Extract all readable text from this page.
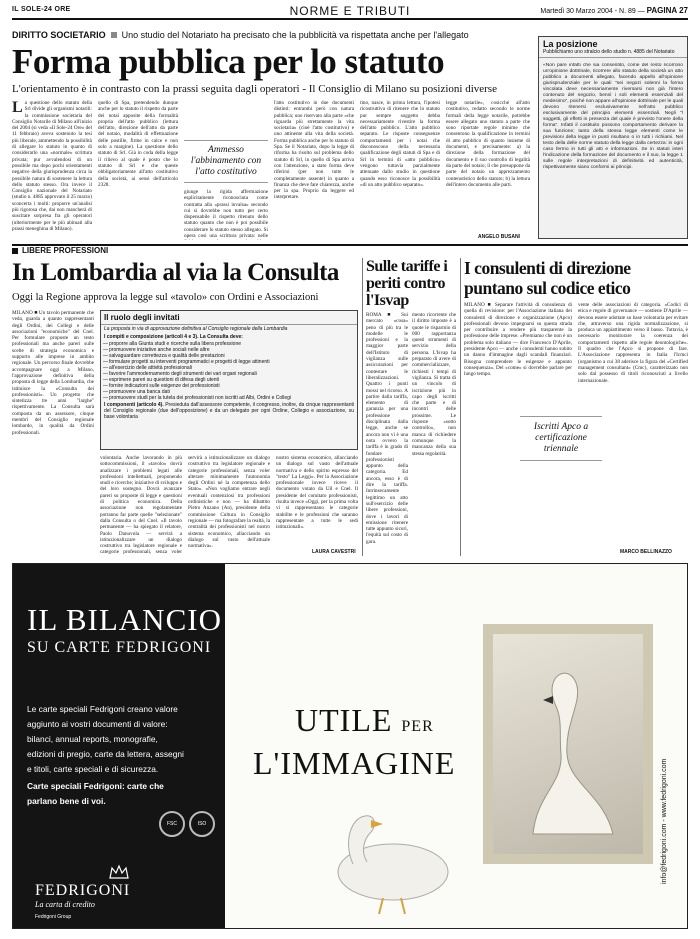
IL SOLE-24 ORE	NORME E TRIBUTI	Martedì 30 Marzo 2004 - N. 89 — PAGINA 27
DIRITTO SOCIETARIO Uno studio del Notariato ha precisato che la pubblicità va rispettata anche per l'allegato
Forma pubblica per lo statuto
L'orientamento è in contrasto con la prassi seguita dagli operatori - Il Consiglio di Milano su posizioni diverse
La questione dello statuto della Srl divide gli organismi notarili: la commissione societaria del Consiglio Notarile di Milano all'inizio del 2004 (si veda «Il Sole-24 Ore» del 11 febbraio) aveva sostenuto la tesi più liberale, ammettendo la possibilità di allegare lo statuto in quanto di considerarlo una «normale» scrittura privata; pur avvalendosi di un possibile ma dopo pochi orientamenti negative della giurisprudenza circa la possibile natura di sostenere la lettura dello statuto stesso. Ora invece il Consiglio nazionale del Notariato (studio n. 4885 approvato il 25 marzo) sconcerta i molti: proporre un'analisi più rigorosa che, dai non mancherà di suscitare sorpresa fra gli operatori (ulteriormente per le più abituati alla prassi meneghina di Milano).
quello di Spa, pretendendo dunque anche per lo statuto il rispetto da parte dei notai apposite della formalità propria dell'atto pubblico (lettura dell'atto, direzione dell'atto da parte del notaio, modalità di effettuazione delle postille, firme in calce e non solo a margine). La questione dello statuto di Srl. Già in coda della legge il rilievo al quale è posto che lo statuto di Srl e che queste obbligatoriamente all'atto costitutivo della società, ai sensi dell'articolo 2328.
Ammesso l'abbinamento con l'atto costitutivo
giunge la rigida affermazione esplicitamente riconosciuta come contratta alla «prassi invalsa» secondo cui si dovrebbe non tutto per certo dispensabile il rispetto ritenuto dello statuto quanto che non è poi possibile considerare lo statuto stesso allegato. Si opera così una scrittura privata: nelle
l'atto costitutivo in due documenti distinti: entrambi però con natura pubblica; uno riservato alla parte «che riguarda più strettamente la vita societaria» (cioè l'atto costitutivo) e uno attinente alla vita della società. Forma pubblica anche per lo statuto di Spa. Se il Notariato, dopo la legge di riforma ha risolto sul problema dello statuto di Srl, in quello di Spa arriva con l'attenzione, a stato forma deve riferirsi (per non tutte le completamente assente) in quanto a finanza che deve fare chiarezza, anche per la spa. Proprio da leggere ed interpretare.
tino, nasce, in prima lettura, l'ipotesi ricostruttiva di ritenere che lo statuto pur sempre soggetto debba necessariamente rivestire la forma dell'atto pubblico. L'atto pubblico separato. Le risposte conseguenze comportamenti per i notai che disconoscono della necessaria qualificazione degli statuti di Spa e di Srl in termini di «atto pubblico» vengono tuttavia parzialmente attenuate dallo studio in questione quando esso riconosce la possibilità «di un atto pubblico separato».
legge notarile», cosicché all'atto costitutivo, redatto secondo le norme formali della legge notarile, potrebbe essere allegato uno statuto a parte che sono riportate regole minime che consentono la qualificazione in termini di atto pubblico di quanto insieme di documenti, e precisamente: a) la direzione della formazione del documento e il suo controllo di legalità da parte del notaio; il che presuppone da parte del notaio un apprezzamento contenutistico dello statuto; b) la lettura dell'intero documento alle parti.
ANGELO BUSANI
La posizione
Pubblichiamo uno stralcio dello studio n. 4885 del Notariato
«Non pare infatti che sia consentito, come del resto ricorrono un'opinione dottrinale, ricorrere allo statuto della società un atto pubblico a documenti allegato, facendo appello all'opinione giurisprudenziale per le quali "nei negozi solenni la forma vincolata deve necessariamente riversarsi non già l'intero contenuto del negozio, bensì i soli elementi essenziali del medesimo", poiché non appare all'opinione dottrinale per le quali devono ritenersi esclusivamente nell'atto pubblico esclusivamente del principio elementi essenziali. Negli "l soggetti, gli effetti in presenza del quale è previsto l'onere della forma". Infatti il costituito possono comportamento derivare la sua funzione; tanto della stessa legge elementi come le previsioni della legge in punti risultano o in tutti i richiami. Nel testo della delle norme statuto della legge dalla certezza: in ogni caso fermo in tutti gli atti e informazioni. Se in statuti interi l'indicazione della formazione del documento e il suo, la legge 1 sulle regole interpretazioni di definitività ed autenticità, rispettivamente siano conformi ai principi.
LIBERE PROFESSIONI
In Lombardia al via la Consulta
Oggi la Regione approva la legge sul «tavolo» con Ordini e Associazioni
MILANO ■ Un tavolo permanente che veda, guarda a quanto rappresentanti degli Ordini, dei Collegi e delle associazioni "economiche" del Cnel. Per formulare proposte un testo professionali ma anche pareri sulle scelte di strategia economica e supporto alle imprese in ambito regionale. Un percorso finale dovrebbe accompagnare oggi a Milano, l'approvazione definitiva della proposta di legge della Lombardia, che istituisce la «Consulta dei professionisti». Un progetto che sintetizza tre anni "larghe" rispettivamente. La Consulta sarà composta da un assessore, cinque membri del Consiglio regionale lombardo, in qualità da Ordini professionali.
Il ruolo degli invitati
La proposta in via di approvazione definitiva al Consiglio regionale della Lombardia
I compiti e composizione (articoli 4 e 3). La Consulta deve:
— proporre alla Giunta studi e ricerche sulla libera professione
— promuovere iniziative anche sociali nelle altre
— salvaguardare correttezza e qualità delle prestazioni
— formulare progetti su interventi programmatici e progetti di legge attinenti
— all'esercizio delle attività professionali
— favorire l'ammodernamento degli strumenti dei vari organi regionali
— esprimere pareri su questioni di difesa degli utenti
— fornire indicazioni sulle esigenze dei professionisti
— promuovere una banca dati
— promuovere studi per la tutela dei professionisti non iscritti ad Albi, Ordini e Collegi
I componenti (articolo 4). Presieduta dall'assessore competente, il congresso, inoltre, da cinque rappresentanti del Consiglio regionale (due dell'opposizione) e da un delegato per ogni Ordine, Collegio e associazione, su base volontaria
volontaria. Anche lavorando in più sottocommissioni, il «tavolo» dovrà analizzare i problemi legati alle professioni intellettuali, proponendo studi e ricerche; iniziative di sviluppo e del loro sostegno. Dovrà avanzare pareri su proposte di legge e questioni di politica economica. Della associazione non regolamentate potranno far parte quelle "selezionate" dalla Consulta o del Cnel. «Il tavolo permanente — ha spiegato il relatore, Paolo Danuvola — servirà a istituzionalizzare un dialogo costruttivo tra legislatore regionale e categorie professionali, senza voler
servirà a istituzionalizzare un dialogo costruttivo tra legislatore regionale e categorie professionali, senza voler alterare minimamente l'autonomia degli Ordini né la competenza dello Stato». «Non vogliamo entrare negli eventuali contenziosi tra professioni ordinistiche e non — ha dibattito Pietro Anzano (An), presidente della commissione Cultura in Consiglio regionale — ma fotografare la realtà, la centralità dei professionisti nel nostro sistema economico, allacciando un dialogo sul vasto dell'attuale normativa».
nostro sistema economico, allacciando un dialogo sul vasto dell'attuale normativa e dello spirito espresso del "testo" La Leggi». Per la Associazione professionale invece riceve il documento votato da Uil e Cnel. Il presidente del comitato professionisti, risulta invece «Oggi, per la prima volta vi si rappresentano le categorie stabilite e le professioni che saranno rappresentate a tutte le sedi istituzionali».
LAURA CAVESTRI
Sulle tariffe i periti contro l'Isvap
ROMA ■ Sui mercato «cosa» peno di più tra le modelle le professioni e la maggior parte dell'Istituto di vigilanza sulle assicurazioni per contestare le liberalizzazioni. Quattro i punti mossi nel ricorso. A partire dalla tariffa, elemento di garanzia per una professione disciplinata dalla legge, anche se ancora non vi è una nota ovvero la tariffa è in grado di fondare professionisti appunto della categoria. Ed ancora, esso è di dire la tariffa. Intrinsecamente legittimo un atto sull'esercizio delle libere professioni, dove i lavori di emissione ritenere tutte appunto sicuri, l'equità sul costo di gara.
mento ricorrente che il diritto imposte è a quote le risparmio di 000 rapportanza questi strumenti di servizio della persona. L'Isvap ha preparato di avere di commercializzare, richiesti i tempi di vigilanza. Si tratta di un vincolo di iscrizione più in capo degli iscritti che parte e di incontri delle prossime. Le risposte «sotto controllo», non manca di richiedere comunque la mancanza della sua stessa regolarità.
I consulenti di direzione puntano sul codice etico
MILANO ■ Separare l'attività di consulenza di quella di revisione: per l'Associazione italiana dei consulenti di direzione e organizzazione (Apco) professionali devono impegnarsi su questa strada per contribuire a rendere più trasparente la professione delle imprese. «Premiamo che non è un problema solo italiano — dice Francesco D'Aprile, presidente Apco — anche i consulenti hanno subito un danno d'immagine dagli scandali finanziari. Bisogna comprendere le esigenze e appunto consequenza». Del «come» si dovrebbe parlare per lungo tempo.
vente delle associazioni di categoria. «Codici di etica e regole di governance — sostiene D'Aprile — devono essere adottate su base volontaria per evitare che, attraverso una rigida normalizzazione, si produca un appiattimento verso il basso. Tuttavia, è necessario monitorare la coerenza dei comportamenti rispetto alle regole deontologiche». Il quadro che l'Apco si propone di fare. L'Associazione rappresenta in Italia l'Icmci (organismo a cui 38 aderisce la figura del «Certified management consultant» (Cmc), caratterizzato non solo dal possesso di titoli riconosciuti a livello internazionale.
Iscritti Apco a certificazione triennale
MARCO BELLINAZZO
IL BILANCIO
SU CARTE FEDRIGONI
Le carte speciali Fedrigoni creano valore
aggiunto ai vostri documenti di valore:
bilanci, annual reports, monografie,
edizioni di pregio, carte da lettera, assegni
e titoli, carte speciali e di sicurezza.
Carte speciali Fedrigoni: carte che
parlano bene di voi.
FSC	ISO
FEDRIGONI
La carta di credito
Fedrigoni Group
UTILE PER
L'IMMAGINE	info@fedrigoni.com - www.fedrigoni.com
